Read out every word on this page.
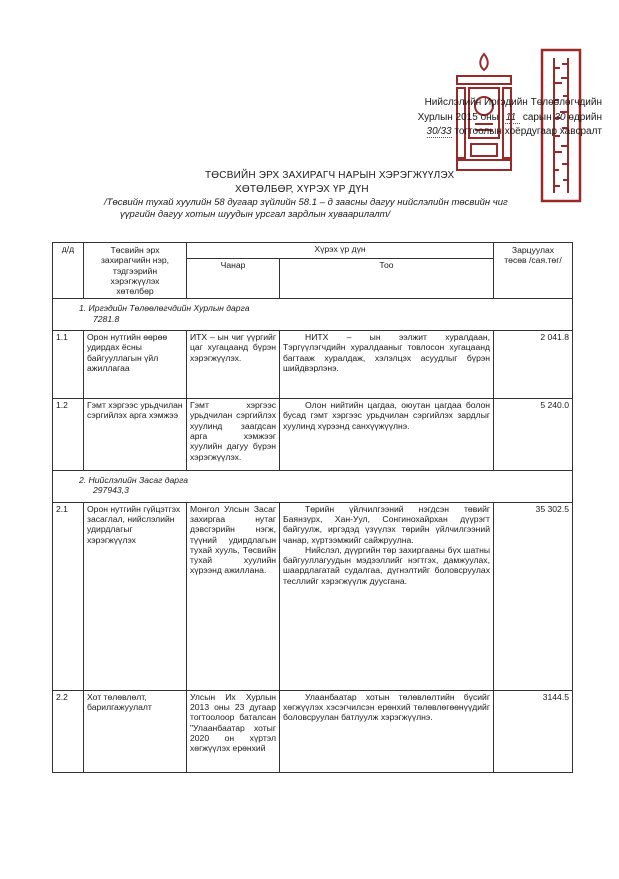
Нийслэлийн Иргэдийн Төлөөлөгчдийн
Хурлын 2015 оны 11 сарын 30 өдрийн
30/33 тогтоолын хоёрдугаар хавсралт
ТӨСВИЙН ЭРХ ЗАХИРАГЧ НАРЫН ХЭРЭГЖҮҮЛЭХ
ХӨТӨЛБӨР, ХҮРЭХ ҮР ДҮН
/Төсвийн тухай хуулийн 58 дугаар зүйлийн 58.1 – д заасны дагуу нийслэлийн төсвийн чиг
үүргийн дагуу хотын шуудын урсгал зардлын хуваарилалт/
д/д	Төсвийн эрх захирагчийн нэр, тэдгээрийн хэрэгжүүлэх хөтөлбөр	Хүрэх үр дүн		Зарцуулах төсөв /сая.төг/
		Чанар	Тоо	
1. Иргэдийн Төлөөлөгчдийн Хурлын дарга

7281.8				

1.1	Орон нутгийн өөрөө удирдах ёсны байгууллагын үйл ажиллагаа	ИТХ – ын чиг үүргийг цаг хугацаанд бүрэн хэрэгжүүлэх.	НИТХ – ын ээлжит хуралдаан, Тэргүүлэгчдийн хуралдааныг товлосон хугацаанд багтааж хуралдаж, хэлэлцэх асуудлыг бүрэн шийдвэрлэнэ.	2 041.8
1.2	Гэмт хэргээс урьдчилан сэргийлэх арга хэмжээ	Гэмт хэргээс урьдчилан сэргийлэх хуулинд заагдсан арга хэмжээг хуулийн дагуу бүрэн хэрэгжүүлэх.	Олон нийтийн цагдаа, оюутан цагдаа болон бусад гэмт хэргээс урьдчилан сэргийлэх зардлыг хуулинд хүрээнд санхүүжүүлнэ.	5 240.0
2. Нийслэлийн Засаг дарга

297943,3				

2.1	Орон нутгийн гүйцэтгэх засаглал, нийслэлийн удирдлагыг хэрэгжүүлэх	Монгол Улсын Засаг захиргаа нутаг дэвсгэрийн нэгж, түүний удирдлагын тухай хууль, Төсвийн тухай хуулийн хүрээнд ажиллана.	Төрийн үйлчилгээний нэгдсэн төвийг Баянзүрх, Хан-Уул, Сонгинохайрхан дүүрэгт байгуулж, иргэдэд үзүүлэх төрийн үйлчилгээний чанар, хүртээмжийг сайжруулна.
Нийслэл, дүүргийн төр захиргааны бүх шатны байгууллагуудын мэдээллийг нэгтгэх, дамжуулах, шаардлагатай судалгаа, дүгнэлтийг боловсруулах тесллийг хэрэгжүүлж дуусгана.	35 302.5
2.2	Хот төлөвлөлт, барилгажуулалт	Улсын Их Хурлын 2013 оны 23 дугаар тогтоолоор баталсан "Улаанбаатар хотыг 2020 он хүртэл хөгжүүлэх ерөнхий	Улаанбаатар хотын төлөвлөлтийн бүсийг хөгжүүлэх хэсэгчилсэн ерөнхий төлөвлөгөөнүүдийг боловсруулан батлуулж хэрэгжүүлнэ.	3144.5
